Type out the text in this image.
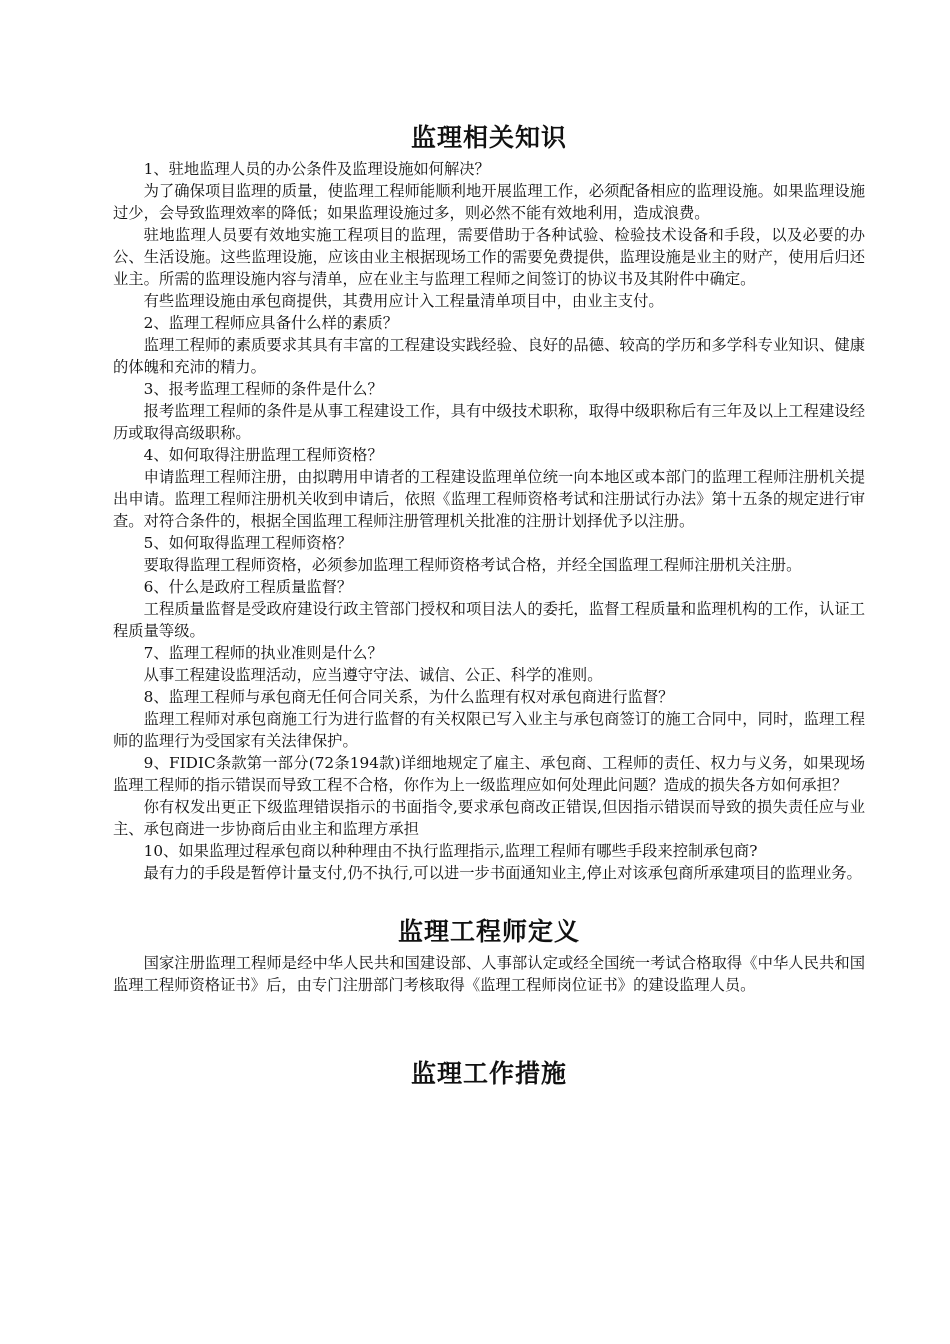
监理相关知识

1、驻地监理人员的办公条件及监理设施如何解决？

为了确保项目监理的质量，使监理工程师能顺利地开展监理工作，必须配备相应的监理设施。如果监理设施过少，会导致监理效率的降低；如果监理设施过多，则必然不能有效地利用，造成浪费。

驻地监理人员要有效地实施工程项目的监理，需要借助于各种试验、检验技术设备和手段，以及必要的办公、生活设施。这些监理设施，应该由业主根据现场工作的需要免费提供，监理设施是业主的财产，使用后归还业主。所需的监理设施内容与清单，应在业主与监理工程师之间签订的协议书及其附件中确定。

有些监理设施由承包商提供，其费用应计入工程量清单项目中，由业主支付。

2、监理工程师应具备什么样的素质？

监理工程师的素质要求其具有丰富的工程建设实践经验、良好的品德、较高的学历和多学科专业知识、健康的体魄和充沛的精力。

3、报考监理工程师的条件是什么？

报考监理工程师的条件是从事工程建设工作，具有中级技术职称，取得中级职称后有三年及以上工程建设经历或取得高级职称。

4、如何取得注册监理工程师资格？

申请监理工程师注册，由拟聘用申请者的工程建设监理单位统一向本地区或本部门的监理工程师注册机关提出申请。监理工程师注册机关收到申请后，依照《监理工程师资格考试和注册试行办法》第十五条的规定进行审查。对符合条件的，根据全国监理工程师注册管理机关批准的注册计划择优予以注册。

5、如何取得监理工程师资格？

要取得监理工程师资格，必须参加监理工程师资格考试合格，并经全国监理工程师注册机关注册。

6、什么是政府工程质量监督？

工程质量监督是受政府建设行政主管部门授权和项目法人的委托，监督工程质量和监理机构的工作，认证工程质量等级。

7、监理工程师的执业准则是什么？

从事工程建设监理活动，应当遵守守法、诚信、公正、科学的准则。

8、监理工程师与承包商无任何合同关系，为什么监理有权对承包商进行监督？

监理工程师对承包商施工行为进行监督的有关权限已写入业主与承包商签订的施工合同中，同时，监理工程师的监理行为受国家有关法律保护。

9、FIDIC条款第一部分(72条194款)详细地规定了雇主、承包商、工程师的责任、权力与义务，如果现场监理工程师的指示错误而导致工程不合格，你作为上一级监理应如何处理此问题？造成的损失各方如何承担？

你有权发出更正下级监理错误指示的书面指令,要求承包商改正错误,但因指示错误而导致的损失责任应与业主、承包商进一步协商后由业主和监理方承担

10、如果监理过程承包商以种种理由不执行监理指示,监理工程师有哪些手段来控制承包商?

最有力的手段是暂停计量支付,仍不执行,可以进一步书面通知业主,停止对该承包商所承建项目的监理业务。

监理工程师定义

国家注册监理工程师是经中华人民共和国建设部、人事部认定或经全国统一考试合格取得《中华人民共和国监理工程师资格证书》后，由专门注册部门考核取得《监理工程师岗位证书》的建设监理人员。

监理工作措施
